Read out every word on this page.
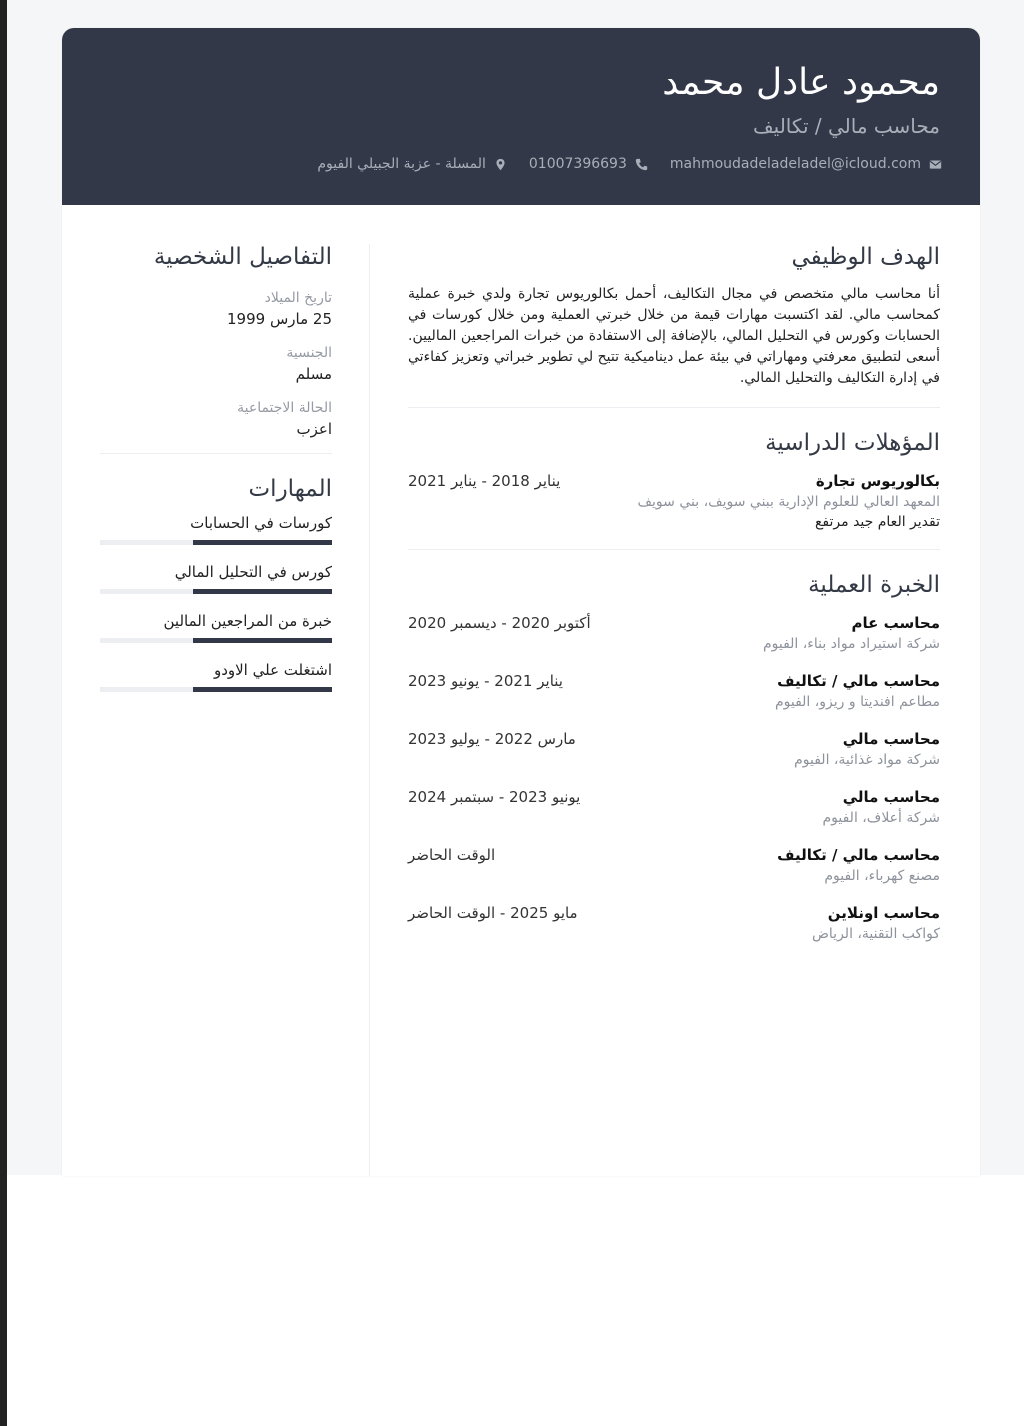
محمود عادل محمد
محاسب مالي / تكاليف
mahmoudadeladeladel@icloud.com
01007396693
المسلة - عزبة الجبيلي الفيوم
الهدف الوظيفي

أنا محاسب مالي متخصص في مجال التكاليف، أحمل بكالوريوس تجارة ولدي خبرة عملية كمحاسب مالي. لقد اكتسبت مهارات قيمة من خلال خبرتي العملية ومن خلال كورسات في الحسابات وكورس في التحليل المالي، بالإضافة إلى الاستفادة من خبرات المراجعين الماليين. أسعى لتطبيق معرفتي ومهاراتي في بيئة عمل ديناميكية تتيح لي تطوير خبراتي وتعزيز كفاءتي في إدارة التكاليف والتحليل المالي.

المؤهلات الدراسية
بكالوريوس تجارة
المعهد العالي للعلوم الإدارية ببني سويف، بني سويف
تقدير العام جيد مرتفع
يناير 2018 - يناير 2021
الخبرة العملية
محاسب عام
شركة استيراد مواد بناء، الفيوم
أكتوبر 2020 - ديسمبر 2020
محاسب مالي / تكاليف
مطاعم افنديتا و ريزو، الفيوم
يناير 2021 - يونيو 2023
محاسب مالي
شركة مواد غذائية، الفيوم
مارس 2022 - يوليو 2023
محاسب مالي
شركة أعلاف، الفيوم
يونيو 2023 - سبتمبر 2024
محاسب مالي / تكاليف
مصنع كهرباء، الفيوم
الوقت الحاضر
محاسب اونلاين
كواكب التقنية، الرياض
مايو 2025 - الوقت الحاضر
التفاصيل الشخصية
تاريخ الميلاد
25 مارس 1999
الجنسية
مسلم
الحالة الاجتماعية
اعزب
المهارات
كورسات في الحسابات
كورس في التحليل المالي
خبرة من المراجعين المالين
اشتغلت علي الاودو
